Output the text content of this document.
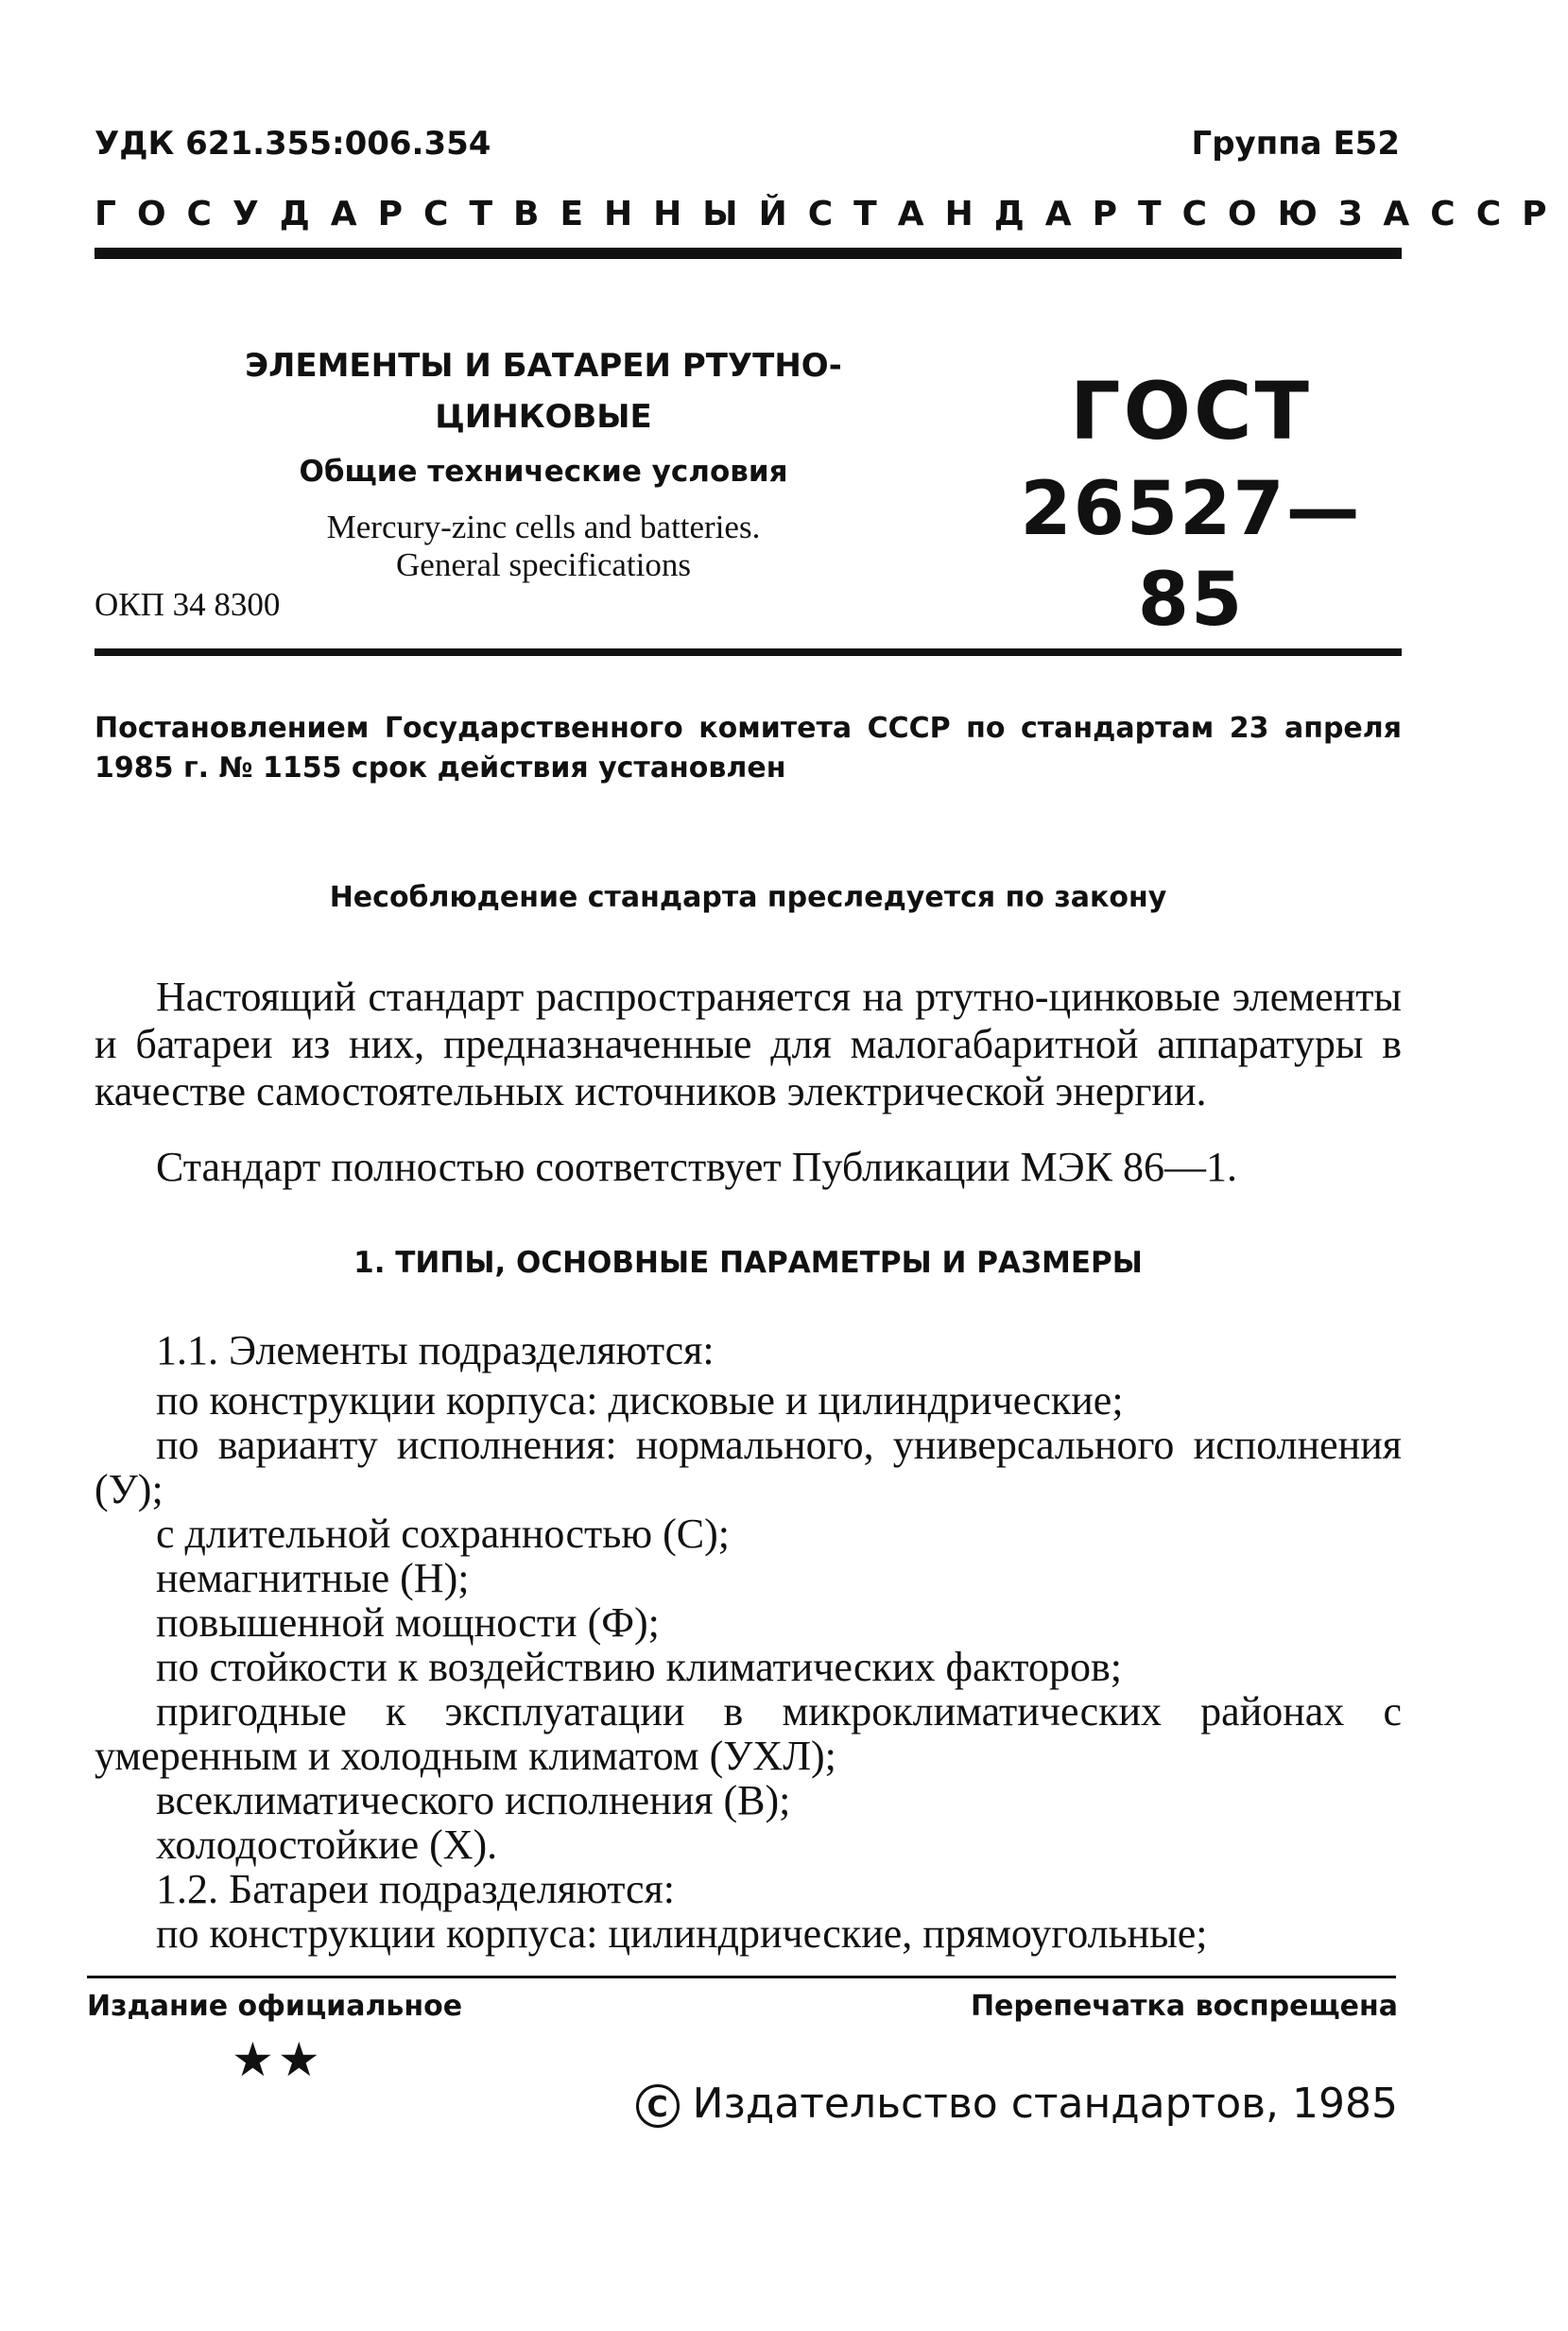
УДК 621.355:006.354	Группа Е52
ГОСУДАРСТВЕННЫЙ СТАНДАРТ СОЮЗА ССР
ЭЛЕМЕНТЫ И БАТАРЕИ РТУТНО-ЦИНКОВЫЕ
Общие технические условия
Mercury-zinc cells and batteries.
General specifications
ГОСТ
26527—85
ОКП 34 8300
Постановлением Государственного комитета СССР по стандартам 23 апреля 1985 г. № 1155 срок действия установлен
Несоблюдение стандарта преследуется по закону

Настоящий стандарт распространяется на ртутно-цинковые элементы и батареи из них, предназначенные для малогабаритной аппаратуры в качестве самостоятельных источников электрической энергии.

Стандарт полностью соответствует Публикации МЭК 86—1.

1. ТИПЫ, ОСНОВНЫЕ ПАРАМЕТРЫ И РАЗМЕРЫ

1.1. Элементы подразделяются:

по конструкции корпуса: дисковые и цилиндрические;

по варианту исполнения: нормального, универсального исполнения (У);

с длительной сохранностью (С);

немагнитные (Н);

повышенной мощности (Ф);

по стойкости к воздействию климатических факторов;

пригодные к эксплуатации в микроклиматических районах с умеренным и холодным климатом (УХЛ);

всеклиматического исполнения (В);

холодостойкие (Х).

1.2. Батареи подразделяются:

по конструкции корпуса: цилиндрические, прямоугольные;

Издание официальное	Перепечатка воспрещена
★★
C Издательство стандартов, 1985
